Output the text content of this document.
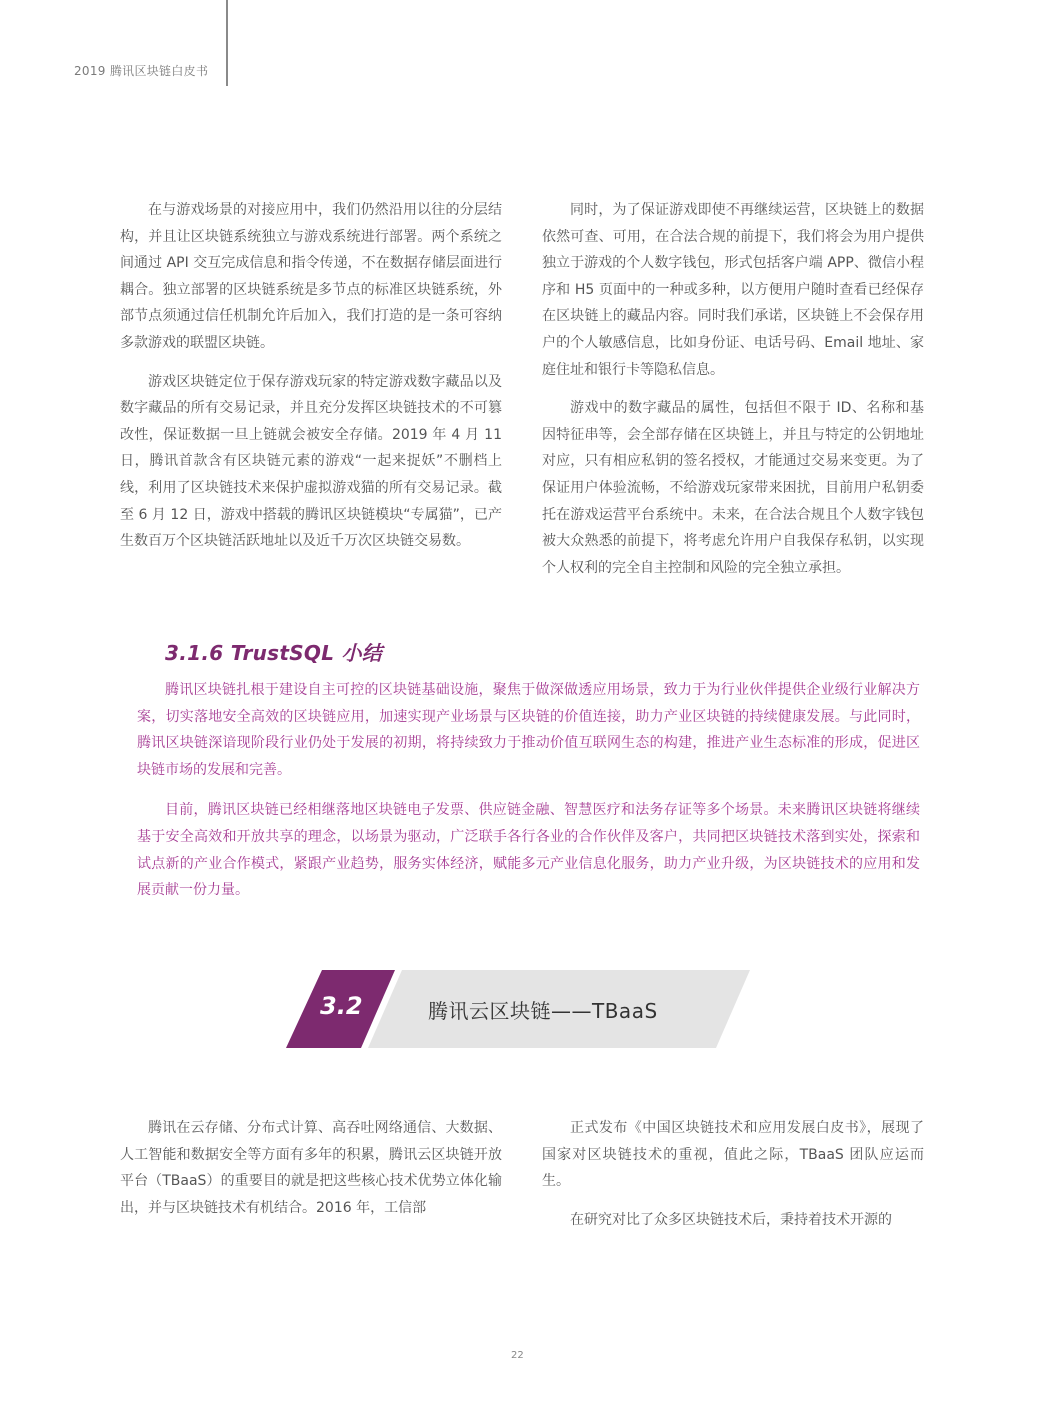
2019 腾讯区块链白皮书

在与游戏场景的对接应用中，我们仍然沿用以往的分层结构，并且让区块链系统独立与游戏系统进行部署。两个系统之间通过 API 交互完成信息和指令传递，不在数据存储层面进行耦合。独立部署的区块链系统是多节点的标准区块链系统，外部节点须通过信任机制允许后加入，我们打造的是一条可容纳多款游戏的联盟区块链。

游戏区块链定位于保存游戏玩家的特定游戏数字藏品以及数字藏品的所有交易记录，并且充分发挥区块链技术的不可篡改性，保证数据一旦上链就会被安全存储。2019 年 4 月 11 日，腾讯首款含有区块链元素的游戏“一起来捉妖”不删档上线，利用了区块链技术来保护虚拟游戏猫的所有交易记录。截至 6 月 12 日，游戏中搭载的腾讯区块链模块“专属猫”，已产生数百万个区块链活跃地址以及近千万次区块链交易数。

同时，为了保证游戏即使不再继续运营，区块链上的数据依然可查、可用，在合法合规的前提下，我们将会为用户提供独立于游戏的个人数字钱包，形式包括客户端 APP、微信小程序和 H5 页面中的一种或多种，以方便用户随时查看已经保存在区块链上的藏品内容。同时我们承诺，区块链上不会保存用户的个人敏感信息，比如身份证、电话号码、Email 地址、家庭住址和银行卡等隐私信息。

游戏中的数字藏品的属性，包括但不限于 ID、名称和基因特征串等，会全部存储在区块链上，并且与特定的公钥地址对应，只有相应私钥的签名授权，才能通过交易来变更。为了保证用户体验流畅，不给游戏玩家带来困扰，目前用户私钥委托在游戏运营平台系统中。未来，在合法合规且个人数字钱包被大众熟悉的前提下，将考虑允许用户自我保存私钥，以实现个人权利的完全自主控制和风险的完全独立承担。

3.1.6 TrustSQL 小结

腾讯区块链扎根于建设自主可控的区块链基础设施，聚焦于做深做透应用场景，致力于为行业伙伴提供企业级行业解决方案，切实落地安全高效的区块链应用，加速实现产业场景与区块链的价值连接，助力产业区块链的持续健康发展。与此同时，腾讯区块链深谙现阶段行业仍处于发展的初期，将持续致力于推动价值互联网生态的构建，推进产业生态标准的形成，促进区块链市场的发展和完善。

目前，腾讯区块链已经相继落地区块链电子发票、供应链金融、智慧医疗和法务存证等多个场景。未来腾讯区块链将继续基于安全高效和开放共享的理念，以场景为驱动，广泛联手各行各业的合作伙伴及客户，共同把区块链技术落到实处，探索和试点新的产业合作模式，紧跟产业趋势，服务实体经济，赋能多元产业信息化服务，助力产业升级，为区块链技术的应用和发展贡献一份力量。

3.2	腾讯云区块链——TBaaS

腾讯在云存储、分布式计算、高吞吐网络通信、大数据、人工智能和数据安全等方面有多年的积累，腾讯云区块链开放平台（TBaaS）的重要目的就是把这些核心技术优势立体化输出，并与区块链技术有机结合。2016 年，工信部

正式发布《中国区块链技术和应用发展白皮书》，展现了国家对区块链技术的重视，值此之际，TBaaS 团队应运而生。

在研究对比了众多区块链技术后，秉持着技术开源的

22
